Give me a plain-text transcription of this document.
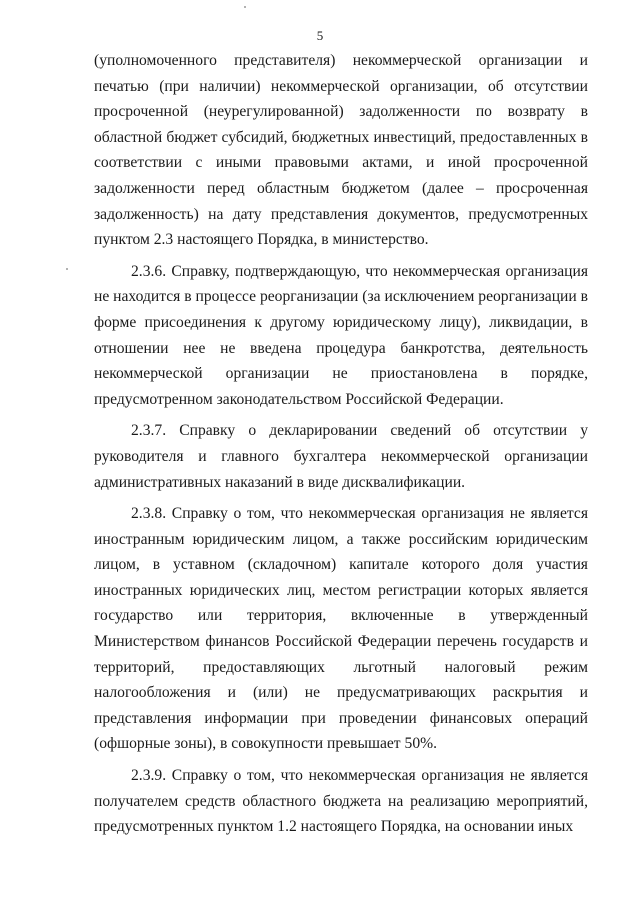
5

(уполномоченного представителя) некоммерческой организации и печатью (при наличии) некоммерческой организации, об отсутствии просроченной (неурегулированной) задолженности по возврату в областной бюджет субсидий, бюджетных инвестиций, предоставленных в соответствии с иными правовыми актами, и иной просроченной задолженности перед областным бюджетом (далее – просроченная задолженность) на дату представления документов, предусмотренных пунктом 2.3 настоящего Порядка, в министерство.

2.3.6. Справку, подтверждающую, что некоммерческая организация не находится в процессе реорганизации (за исключением реорганизации в форме присоединения к другому юридическому лицу), ликвидации, в отношении нее не введена процедура банкротства, деятельность некоммерческой организации не приостановлена в порядке, предусмотренном законодательством Российской Федерации.

2.3.7. Справку о декларировании сведений об отсутствии у руководителя и главного бухгалтера некоммерческой организации административных наказаний в виде дисквалификации.

2.3.8. Справку о том, что некоммерческая организация не является иностранным юридическим лицом, а также российским юридическим лицом, в уставном (складочном) капитале которого доля участия иностранных юридических лиц, местом регистрации которых является государство или территория, включенные в утвержденный Министерством финансов Российской Федерации перечень государств и территорий, предоставляющих льготный налоговый режим налогообложения и (или) не предусматривающих раскрытия и представления информации при проведении финансовых операций (офшорные зоны), в совокупности превышает 50%.

2.3.9. Справку о том, что некоммерческая организация не является получателем средств областного бюджета на реализацию мероприятий, предусмотренных пунктом 1.2 настоящего Порядка, на основании иных
